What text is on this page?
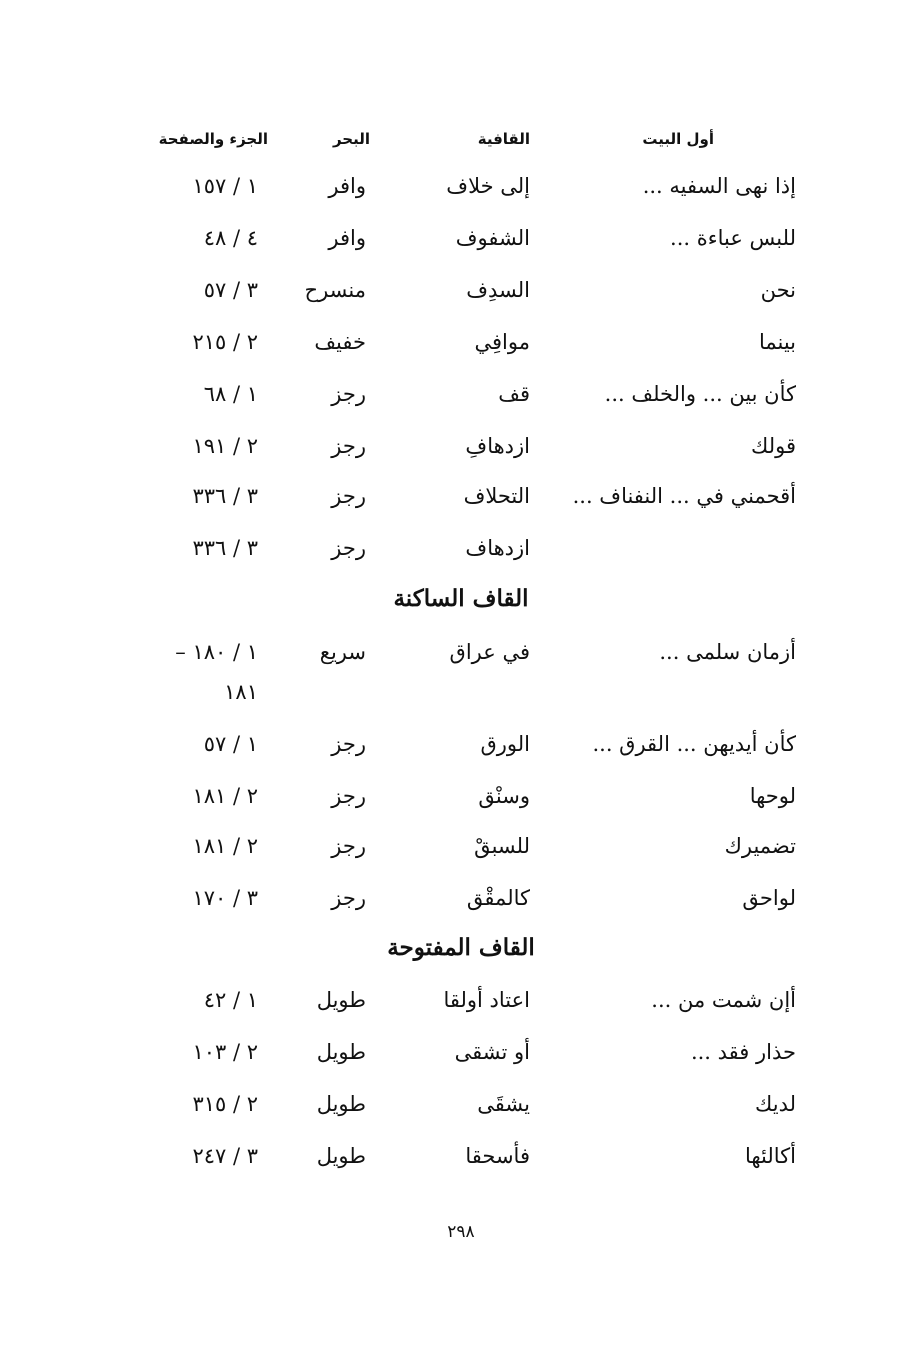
أول البيت
القافية
البحر
الجزء والصفحة
إذا نهى السفيه ...
إلى خلاف
وافر
١ / ١٥٧
للبس عباءة ...
الشفوف
وافر
٤ / ٤٨
نحن
السدِف
منسرح
٣ / ٥٧
بينما
موافِي
خفيف
٢ / ٢١٥
كأن بين ... والخلف ...
قف
رجز
١ / ٦٨
قولك
ازدهافِ
رجز
٢ / ١٩١
أقحمني في ... النفناف ...
التحلاف
رجز
٣ / ٣٣٦
ازدهاف
رجز
٣ / ٣٣٦
القاف الساكنة
أزمان سلمى ...
في عراق
سريع
١ / ١٨٠ –
١٨١
كأن أيديهن ... القرق ...
الورق
رجز
١ / ٥٧
لوحها
وسنْق
رجز
٢ / ١٨١
تضميرك
للسبقْ
رجز
٢ / ١٨١
لواحق
كالمقْق
رجز
٣ / ١٧٠
القاف المفتوحة
أإن شمت من ...
اعتاد أولقا
طويل
١ / ٤٢
حذار فقد ...
أو تشقى
طويل
٢ / ١٠٣
لديك
يشقَى
طويل
٢ / ٣١٥
أكالئها
فأسحقا
طويل
٣ / ٢٤٧
٢٩٨
